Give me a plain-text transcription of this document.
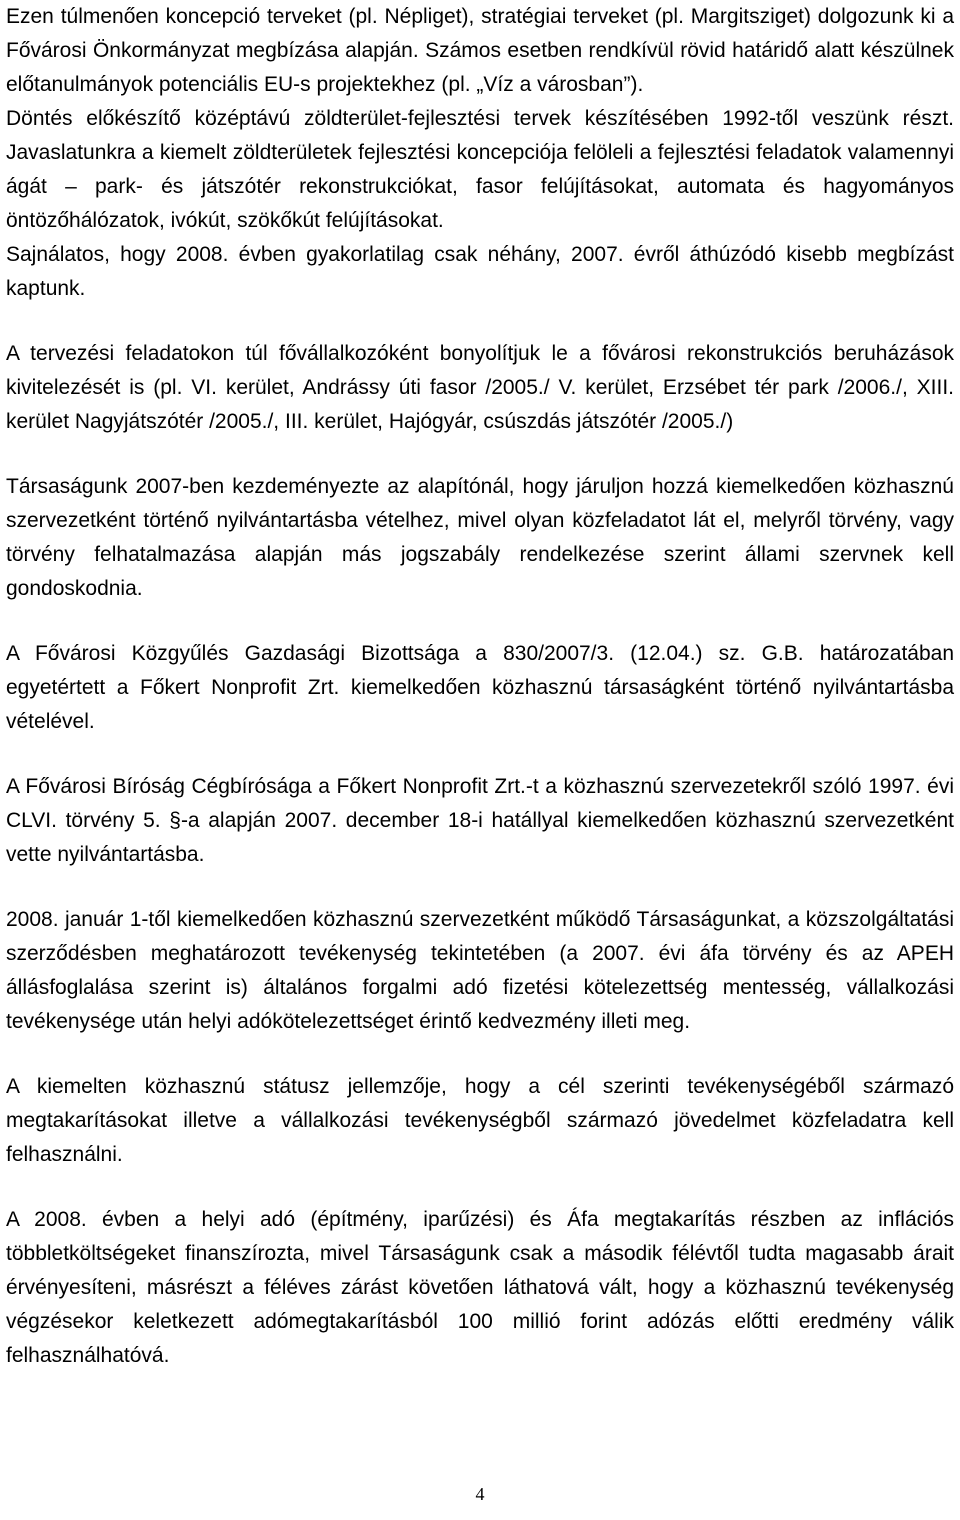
Ezen túlmenően koncepció terveket (pl. Népliget), stratégiai terveket (pl. Margitsziget) dolgozunk ki a Fővárosi Önkormányzat megbízása alapján. Számos esetben rendkívül rövid határidő alatt készülnek előtanulmányok potenciális EU-s projektekhez (pl. „Víz a városban”).

Döntés előkészítő középtávú zöldterület-fejlesztési tervek készítésében 1992-től veszünk részt. Javaslatunkra a kiemelt zöldterületek fejlesztési koncepciója felöleli a fejlesztési feladatok valamennyi ágát – park- és játszótér rekonstrukciókat, fasor felújításokat, automata és hagyományos öntözőhálózatok, ivókút, szökőkút felújításokat.

Sajnálatos, hogy 2008. évben gyakorlatilag csak néhány, 2007. évről áthúzódó kisebb megbízást kaptunk.

A tervezési feladatokon túl fővállalkozóként bonyolítjuk le a fővárosi rekonstrukciós beruházások kivitelezését is (pl. VI. kerület, Andrássy úti fasor /2005./ V. kerület, Erzsébet tér park /2006./, XIII. kerület Nagyjátszótér /2005./, III. kerület, Hajógyár, csúszdás játszótér /2005./)

Társaságunk 2007-ben kezdeményezte az alapítónál, hogy járuljon hozzá kiemelkedően közhasznú szervezetként történő nyilvántartásba vételhez, mivel olyan közfeladatot lát el, melyről törvény, vagy törvény felhatalmazása alapján más jogszabály rendelkezése szerint állami szervnek kell gondoskodnia.

A Fővárosi Közgyűlés Gazdasági Bizottsága a 830/2007/3. (12.04.) sz. G.B. határozatában egyetértett a Főkert Nonprofit Zrt. kiemelkedően közhasznú társaságként történő nyilvántartásba vételével.

A Fővárosi Bíróság Cégbírósága a Főkert Nonprofit Zrt.-t a közhasznú szervezetekről szóló 1997. évi CLVI. törvény 5. §-a alapján 2007. december 18-i hatállyal kiemelkedően közhasznú szervezetként vette nyilvántartásba.

2008. január 1-től kiemelkedően közhasznú szervezetként működő Társaságunkat, a közszolgáltatási szerződésben meghatározott tevékenység tekintetében (a 2007. évi áfa törvény és az APEH állásfoglalása szerint is) általános forgalmi adó fizetési kötelezettség mentesség, vállalkozási tevékenysége után helyi adókötelezettséget érintő kedvezmény illeti meg.

A kiemelten közhasznú státusz jellemzője, hogy a cél szerinti tevékenységéből származó megtakarításokat illetve a vállalkozási tevékenységből származó jövedelmet közfeladatra kell felhasználni.

A 2008. évben a helyi adó (építmény, iparűzési) és Áfa megtakarítás részben az inflációs többletköltségeket finanszírozta, mivel Társaságunk csak a második félévtől tudta magasabb árait érvényesíteni, másrészt a féléves zárást követően láthatová vált, hogy a közhasznú tevékenység végzésekor keletkezett adómegtakarításból 100 millió forint adózás előtti eredmény válik felhasználhatóvá.

4
